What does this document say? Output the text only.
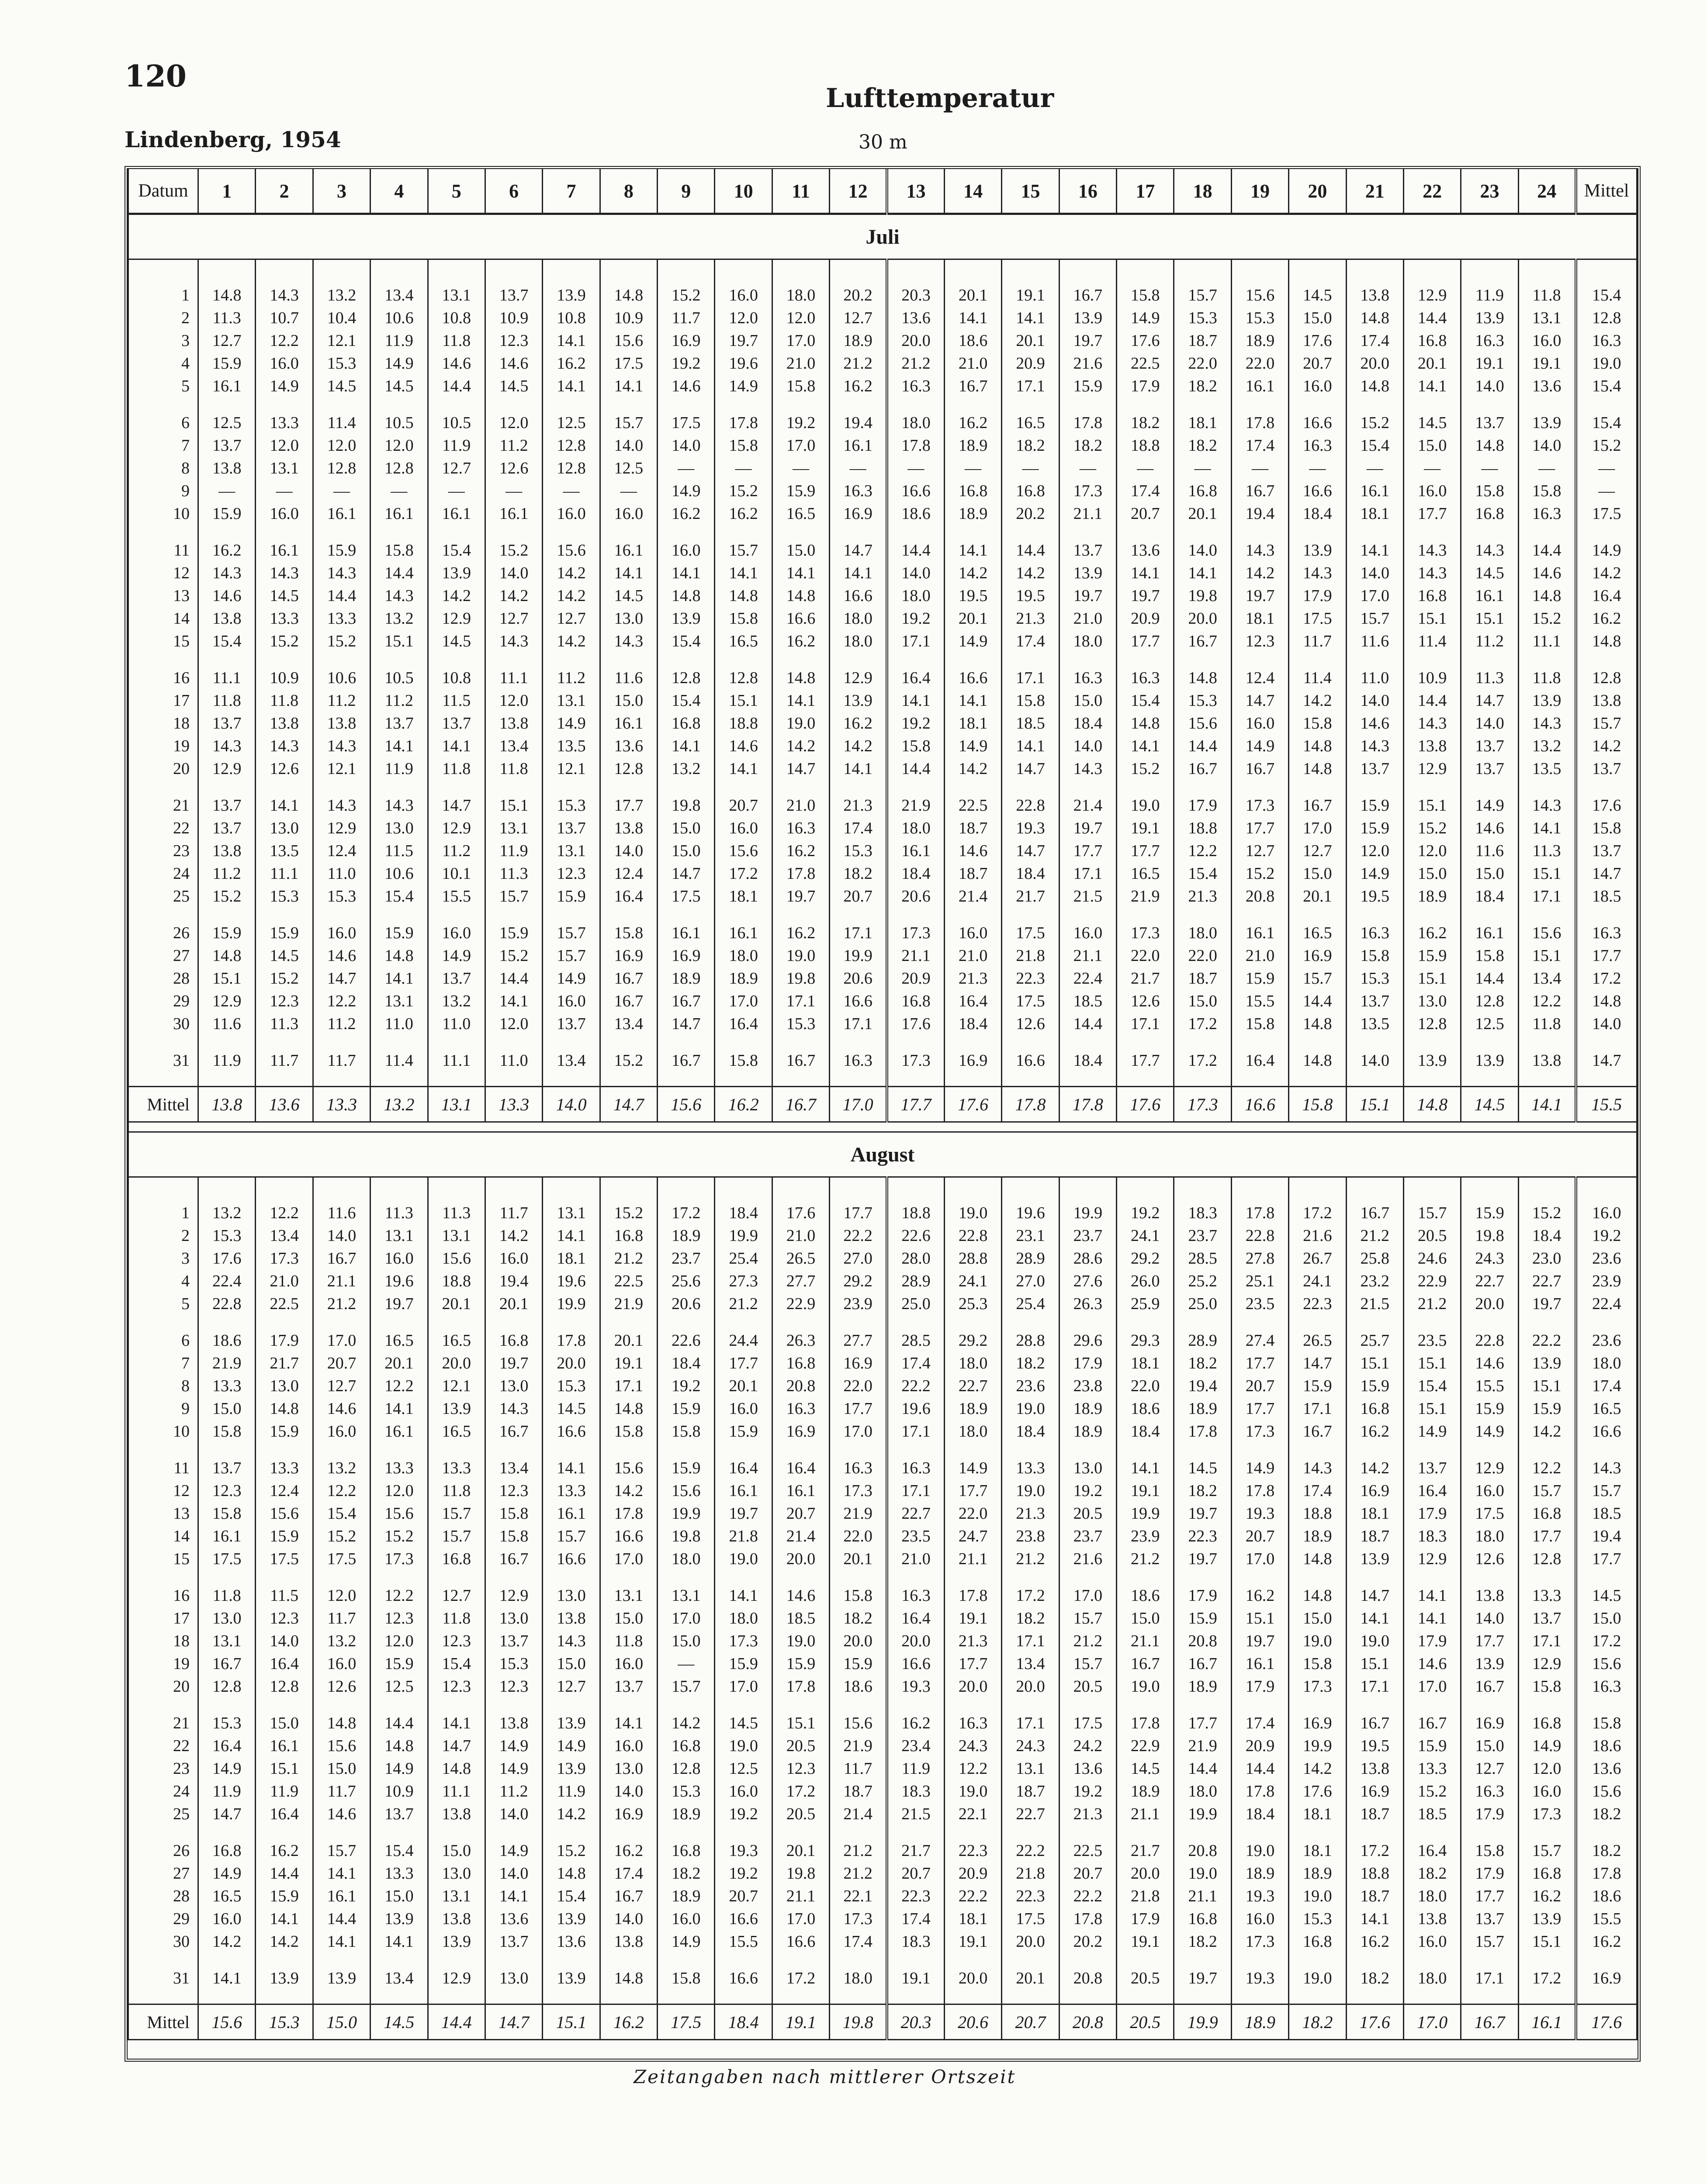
120
Lufttemperatur
Lindenberg, 1954	30 m
Datum	1	2	3	4	5	6	7	8	9	10	11	12	13	14	15	16	17	18	19	20	21	22	23	24	Mittel
Juli																									

1	14.8	14.3	13.2	13.4	13.1	13.7	13.9	14.8	15.2	16.0	18.0	20.2	20.3	20.1	19.1	16.7	15.8	15.7	15.6	14.5	13.8	12.9	11.9	11.8	15.4
2	11.3	10.7	10.4	10.6	10.8	10.9	10.8	10.9	11.7	12.0	12.0	12.7	13.6	14.1	14.1	13.9	14.9	15.3	15.3	15.0	14.8	14.4	13.9	13.1	12.8
3	12.7	12.2	12.1	11.9	11.8	12.3	14.1	15.6	16.9	19.7	17.0	18.9	20.0	18.6	20.1	19.7	17.6	18.7	18.9	17.6	17.4	16.8	16.3	16.0	16.3
4	15.9	16.0	15.3	14.9	14.6	14.6	16.2	17.5	19.2	19.6	21.0	21.2	21.2	21.0	20.9	21.6	22.5	22.0	22.0	20.7	20.0	20.1	19.1	19.1	19.0
5	16.1	14.9	14.5	14.5	14.4	14.5	14.1	14.1	14.6	14.9	15.8	16.2	16.3	16.7	17.1	15.9	17.9	18.2	16.1	16.0	14.8	14.1	14.0	13.6	15.4

6	12.5	13.3	11.4	10.5	10.5	12.0	12.5	15.7	17.5	17.8	19.2	19.4	18.0	16.2	16.5	17.8	18.2	18.1	17.8	16.6	15.2	14.5	13.7	13.9	15.4
7	13.7	12.0	12.0	12.0	11.9	11.2	12.8	14.0	14.0	15.8	17.0	16.1	17.8	18.9	18.2	18.2	18.8	18.2	17.4	16.3	15.4	15.0	14.8	14.0	15.2
8	13.8	13.1	12.8	12.8	12.7	12.6	12.8	12.5	—	—	—	—	—	—	—	—	—	—	—	—	—	—	—	—	—
9	—	—	—	—	—	—	—	—	14.9	15.2	15.9	16.3	16.6	16.8	16.8	17.3	17.4	16.8	16.7	16.6	16.1	16.0	15.8	15.8	—
10	15.9	16.0	16.1	16.1	16.1	16.1	16.0	16.0	16.2	16.2	16.5	16.9	18.6	18.9	20.2	21.1	20.7	20.1	19.4	18.4	18.1	17.7	16.8	16.3	17.5

11	16.2	16.1	15.9	15.8	15.4	15.2	15.6	16.1	16.0	15.7	15.0	14.7	14.4	14.1	14.4	13.7	13.6	14.0	14.3	13.9	14.1	14.3	14.3	14.4	14.9
12	14.3	14.3	14.3	14.4	13.9	14.0	14.2	14.1	14.1	14.1	14.1	14.1	14.0	14.2	14.2	13.9	14.1	14.1	14.2	14.3	14.0	14.3	14.5	14.6	14.2
13	14.6	14.5	14.4	14.3	14.2	14.2	14.2	14.5	14.8	14.8	14.8	16.6	18.0	19.5	19.5	19.7	19.7	19.8	19.7	17.9	17.0	16.8	16.1	14.8	16.4
14	13.8	13.3	13.3	13.2	12.9	12.7	12.7	13.0	13.9	15.8	16.6	18.0	19.2	20.1	21.3	21.0	20.9	20.0	18.1	17.5	15.7	15.1	15.1	15.2	16.2
15	15.4	15.2	15.2	15.1	14.5	14.3	14.2	14.3	15.4	16.5	16.2	18.0	17.1	14.9	17.4	18.0	17.7	16.7	12.3	11.7	11.6	11.4	11.2	11.1	14.8

16	11.1	10.9	10.6	10.5	10.8	11.1	11.2	11.6	12.8	12.8	14.8	12.9	16.4	16.6	17.1	16.3	16.3	14.8	12.4	11.4	11.0	10.9	11.3	11.8	12.8
17	11.8	11.8	11.2	11.2	11.5	12.0	13.1	15.0	15.4	15.1	14.1	13.9	14.1	14.1	15.8	15.0	15.4	15.3	14.7	14.2	14.0	14.4	14.7	13.9	13.8
18	13.7	13.8	13.8	13.7	13.7	13.8	14.9	16.1	16.8	18.8	19.0	16.2	19.2	18.1	18.5	18.4	14.8	15.6	16.0	15.8	14.6	14.3	14.0	14.3	15.7
19	14.3	14.3	14.3	14.1	14.1	13.4	13.5	13.6	14.1	14.6	14.2	14.2	15.8	14.9	14.1	14.0	14.1	14.4	14.9	14.8	14.3	13.8	13.7	13.2	14.2
20	12.9	12.6	12.1	11.9	11.8	11.8	12.1	12.8	13.2	14.1	14.7	14.1	14.4	14.2	14.7	14.3	15.2	16.7	16.7	14.8	13.7	12.9	13.7	13.5	13.7

21	13.7	14.1	14.3	14.3	14.7	15.1	15.3	17.7	19.8	20.7	21.0	21.3	21.9	22.5	22.8	21.4	19.0	17.9	17.3	16.7	15.9	15.1	14.9	14.3	17.6
22	13.7	13.0	12.9	13.0	12.9	13.1	13.7	13.8	15.0	16.0	16.3	17.4	18.0	18.7	19.3	19.7	19.1	18.8	17.7	17.0	15.9	15.2	14.6	14.1	15.8
23	13.8	13.5	12.4	11.5	11.2	11.9	13.1	14.0	15.0	15.6	16.2	15.3	16.1	14.6	14.7	17.7	17.7	12.2	12.7	12.7	12.0	12.0	11.6	11.3	13.7
24	11.2	11.1	11.0	10.6	10.1	11.3	12.3	12.4	14.7	17.2	17.8	18.2	18.4	18.7	18.4	17.1	16.5	15.4	15.2	15.0	14.9	15.0	15.0	15.1	14.7
25	15.2	15.3	15.3	15.4	15.5	15.7	15.9	16.4	17.5	18.1	19.7	20.7	20.6	21.4	21.7	21.5	21.9	21.3	20.8	20.1	19.5	18.9	18.4	17.1	18.5

26	15.9	15.9	16.0	15.9	16.0	15.9	15.7	15.8	16.1	16.1	16.2	17.1	17.3	16.0	17.5	16.0	17.3	18.0	16.1	16.5	16.3	16.2	16.1	15.6	16.3
27	14.8	14.5	14.6	14.8	14.9	15.2	15.7	16.9	16.9	18.0	19.0	19.9	21.1	21.0	21.8	21.1	22.0	22.0	21.0	16.9	15.8	15.9	15.8	15.1	17.7
28	15.1	15.2	14.7	14.1	13.7	14.4	14.9	16.7	18.9	18.9	19.8	20.6	20.9	21.3	22.3	22.4	21.7	18.7	15.9	15.7	15.3	15.1	14.4	13.4	17.2
29	12.9	12.3	12.2	13.1	13.2	14.1	16.0	16.7	16.7	17.0	17.1	16.6	16.8	16.4	17.5	18.5	12.6	15.0	15.5	14.4	13.7	13.0	12.8	12.2	14.8
30	11.6	11.3	11.2	11.0	11.0	12.0	13.7	13.4	14.7	16.4	15.3	17.1	17.6	18.4	12.6	14.4	17.1	17.2	15.8	14.8	13.5	12.8	12.5	11.8	14.0

31	11.9	11.7	11.7	11.4	11.1	11.0	13.4	15.2	16.7	15.8	16.7	16.3	17.3	16.9	16.6	18.4	17.7	17.2	16.4	14.8	14.0	13.9	13.9	13.8	14.7

Mittel	13.8	13.6	13.3	13.2	13.1	13.3	14.0	14.7	15.6	16.2	16.7	17.0	17.7	17.6	17.8	17.8	17.6	17.3	16.6	15.8	15.1	14.8	14.5	14.1	15.5

August																									

1	13.2	12.2	11.6	11.3	11.3	11.7	13.1	15.2	17.2	18.4	17.6	17.7	18.8	19.0	19.6	19.9	19.2	18.3	17.8	17.2	16.7	15.7	15.9	15.2	16.0
2	15.3	13.4	14.0	13.1	13.1	14.2	14.1	16.8	18.9	19.9	21.0	22.2	22.6	22.8	23.1	23.7	24.1	23.7	22.8	21.6	21.2	20.5	19.8	18.4	19.2
3	17.6	17.3	16.7	16.0	15.6	16.0	18.1	21.2	23.7	25.4	26.5	27.0	28.0	28.8	28.9	28.6	29.2	28.5	27.8	26.7	25.8	24.6	24.3	23.0	23.6
4	22.4	21.0	21.1	19.6	18.8	19.4	19.6	22.5	25.6	27.3	27.7	29.2	28.9	24.1	27.0	27.6	26.0	25.2	25.1	24.1	23.2	22.9	22.7	22.7	23.9
5	22.8	22.5	21.2	19.7	20.1	20.1	19.9	21.9	20.6	21.2	22.9	23.9	25.0	25.3	25.4	26.3	25.9	25.0	23.5	22.3	21.5	21.2	20.0	19.7	22.4

6	18.6	17.9	17.0	16.5	16.5	16.8	17.8	20.1	22.6	24.4	26.3	27.7	28.5	29.2	28.8	29.6	29.3	28.9	27.4	26.5	25.7	23.5	22.8	22.2	23.6
7	21.9	21.7	20.7	20.1	20.0	19.7	20.0	19.1	18.4	17.7	16.8	16.9	17.4	18.0	18.2	17.9	18.1	18.2	17.7	14.7	15.1	15.1	14.6	13.9	18.0
8	13.3	13.0	12.7	12.2	12.1	13.0	15.3	17.1	19.2	20.1	20.8	22.0	22.2	22.7	23.6	23.8	22.0	19.4	20.7	15.9	15.9	15.4	15.5	15.1	17.4
9	15.0	14.8	14.6	14.1	13.9	14.3	14.5	14.8	15.9	16.0	16.3	17.7	19.6	18.9	19.0	18.9	18.6	18.9	17.7	17.1	16.8	15.1	15.9	15.9	16.5
10	15.8	15.9	16.0	16.1	16.5	16.7	16.6	15.8	15.8	15.9	16.9	17.0	17.1	18.0	18.4	18.9	18.4	17.8	17.3	16.7	16.2	14.9	14.9	14.2	16.6

11	13.7	13.3	13.2	13.3	13.3	13.4	14.1	15.6	15.9	16.4	16.4	16.3	16.3	14.9	13.3	13.0	14.1	14.5	14.9	14.3	14.2	13.7	12.9	12.2	14.3
12	12.3	12.4	12.2	12.0	11.8	12.3	13.3	14.2	15.6	16.1	16.1	17.3	17.1	17.7	19.0	19.2	19.1	18.2	17.8	17.4	16.9	16.4	16.0	15.7	15.7
13	15.8	15.6	15.4	15.6	15.7	15.8	16.1	17.8	19.9	19.7	20.7	21.9	22.7	22.0	21.3	20.5	19.9	19.7	19.3	18.8	18.1	17.9	17.5	16.8	18.5
14	16.1	15.9	15.2	15.2	15.7	15.8	15.7	16.6	19.8	21.8	21.4	22.0	23.5	24.7	23.8	23.7	23.9	22.3	20.7	18.9	18.7	18.3	18.0	17.7	19.4
15	17.5	17.5	17.5	17.3	16.8	16.7	16.6	17.0	18.0	19.0	20.0	20.1	21.0	21.1	21.2	21.6	21.2	19.7	17.0	14.8	13.9	12.9	12.6	12.8	17.7

16	11.8	11.5	12.0	12.2	12.7	12.9	13.0	13.1	13.1	14.1	14.6	15.8	16.3	17.8	17.2	17.0	18.6	17.9	16.2	14.8	14.7	14.1	13.8	13.3	14.5
17	13.0	12.3	11.7	12.3	11.8	13.0	13.8	15.0	17.0	18.0	18.5	18.2	16.4	19.1	18.2	15.7	15.0	15.9	15.1	15.0	14.1	14.1	14.0	13.7	15.0
18	13.1	14.0	13.2	12.0	12.3	13.7	14.3	11.8	15.0	17.3	19.0	20.0	20.0	21.3	17.1	21.2	21.1	20.8	19.7	19.0	19.0	17.9	17.7	17.1	17.2
19	16.7	16.4	16.0	15.9	15.4	15.3	15.0	16.0	—	15.9	15.9	15.9	16.6	17.7	13.4	15.7	16.7	16.7	16.1	15.8	15.1	14.6	13.9	12.9	15.6
20	12.8	12.8	12.6	12.5	12.3	12.3	12.7	13.7	15.7	17.0	17.8	18.6	19.3	20.0	20.0	20.5	19.0	18.9	17.9	17.3	17.1	17.0	16.7	15.8	16.3

21	15.3	15.0	14.8	14.4	14.1	13.8	13.9	14.1	14.2	14.5	15.1	15.6	16.2	16.3	17.1	17.5	17.8	17.7	17.4	16.9	16.7	16.7	16.9	16.8	15.8
22	16.4	16.1	15.6	14.8	14.7	14.9	14.9	16.0	16.8	19.0	20.5	21.9	23.4	24.3	24.3	24.2	22.9	21.9	20.9	19.9	19.5	15.9	15.0	14.9	18.6
23	14.9	15.1	15.0	14.9	14.8	14.9	13.9	13.0	12.8	12.5	12.3	11.7	11.9	12.2	13.1	13.6	14.5	14.4	14.4	14.2	13.8	13.3	12.7	12.0	13.6
24	11.9	11.9	11.7	10.9	11.1	11.2	11.9	14.0	15.3	16.0	17.2	18.7	18.3	19.0	18.7	19.2	18.9	18.0	17.8	17.6	16.9	15.2	16.3	16.0	15.6
25	14.7	16.4	14.6	13.7	13.8	14.0	14.2	16.9	18.9	19.2	20.5	21.4	21.5	22.1	22.7	21.3	21.1	19.9	18.4	18.1	18.7	18.5	17.9	17.3	18.2

26	16.8	16.2	15.7	15.4	15.0	14.9	15.2	16.2	16.8	19.3	20.1	21.2	21.7	22.3	22.2	22.5	21.7	20.8	19.0	18.1	17.2	16.4	15.8	15.7	18.2
27	14.9	14.4	14.1	13.3	13.0	14.0	14.8	17.4	18.2	19.2	19.8	21.2	20.7	20.9	21.8	20.7	20.0	19.0	18.9	18.9	18.8	18.2	17.9	16.8	17.8
28	16.5	15.9	16.1	15.0	13.1	14.1	15.4	16.7	18.9	20.7	21.1	22.1	22.3	22.2	22.3	22.2	21.8	21.1	19.3	19.0	18.7	18.0	17.7	16.2	18.6
29	16.0	14.1	14.4	13.9	13.8	13.6	13.9	14.0	16.0	16.6	17.0	17.3	17.4	18.1	17.5	17.8	17.9	16.8	16.0	15.3	14.1	13.8	13.7	13.9	15.5
30	14.2	14.2	14.1	14.1	13.9	13.7	13.6	13.8	14.9	15.5	16.6	17.4	18.3	19.1	20.0	20.2	19.1	18.2	17.3	16.8	16.2	16.0	15.7	15.1	16.2

31	14.1	13.9	13.9	13.4	12.9	13.0	13.9	14.8	15.8	16.6	17.2	18.0	19.1	20.0	20.1	20.8	20.5	19.7	19.3	19.0	18.2	18.0	17.1	17.2	16.9

Mittel	15.6	15.3	15.0	14.5	14.4	14.7	15.1	16.2	17.5	18.4	19.1	19.8	20.3	20.6	20.7	20.8	20.5	19.9	18.9	18.2	17.6	17.0	16.7	16.1	17.6
Zeitangaben nach mittlerer Ortszeit
